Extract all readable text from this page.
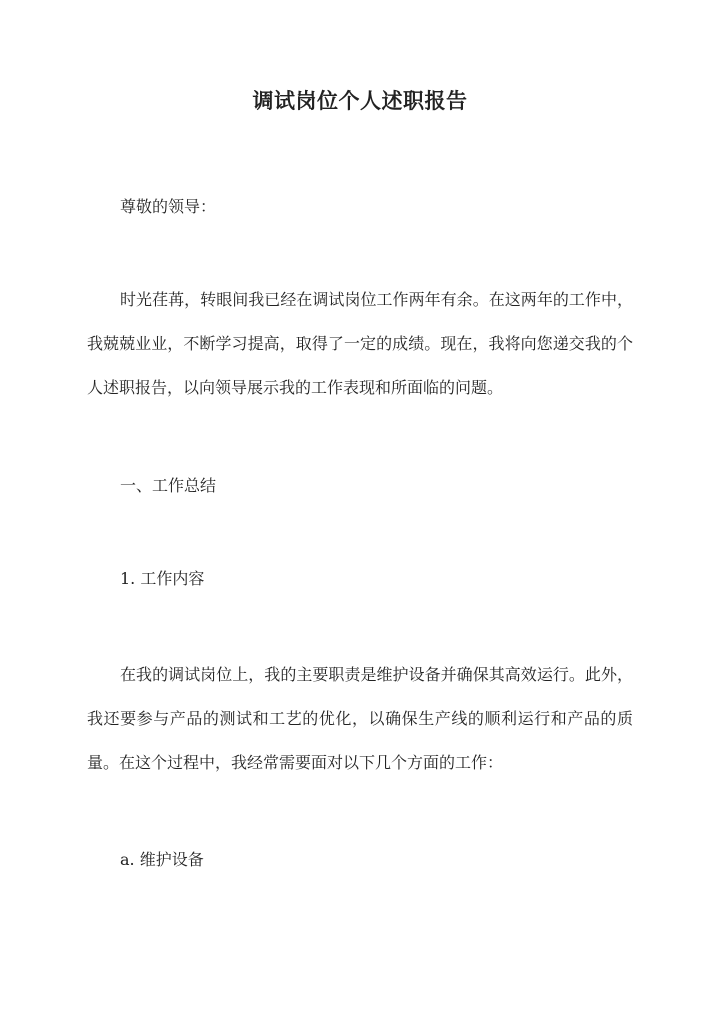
调试岗位个人述职报告

尊敬的领导：

时光荏苒，转眼间我已经在调试岗位工作两年有余。在这两年的工作中，我兢兢业业，不断学习提高，取得了一定的成绩。现在，我将向您递交我的个人述职报告，以向领导展示我的工作表现和所面临的问题。

一、工作总结

1. 工作内容

在我的调试岗位上，我的主要职责是维护设备并确保其高效运行。此外，我还要参与产品的测试和工艺的优化，以确保生产线的顺利运行和产品的质量。在这个过程中，我经常需要面对以下几个方面的工作：

a. 维护设备
